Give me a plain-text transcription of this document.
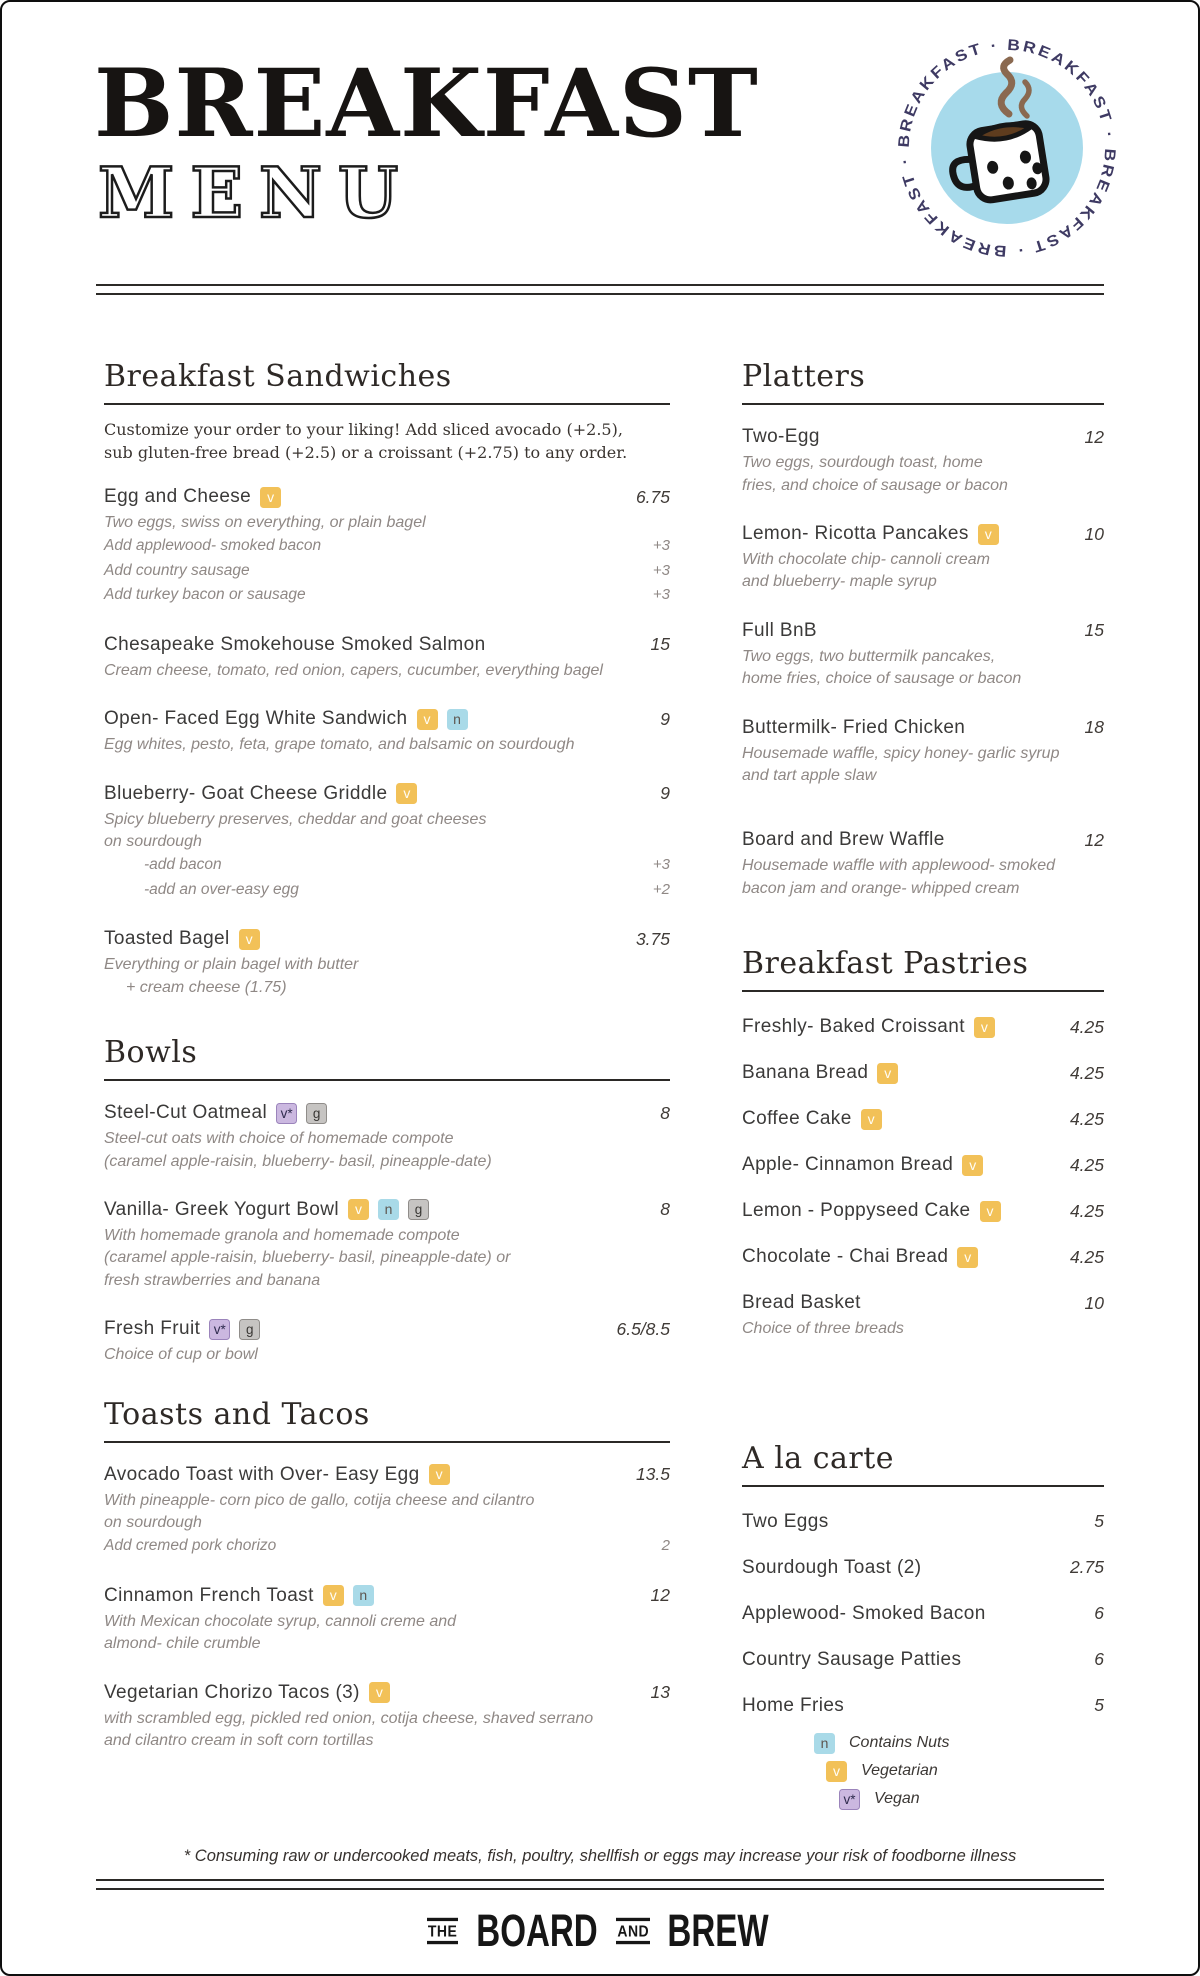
BREAKFAST
MENU
BREAKFAST · BREAKFAST · BREAKFAST · BREAKFAST ·
Breakfast Sandwiches

Customize your order to your liking! Add sliced avocado (+2.5),
sub gluten-free bread (+2.5) or a croissant (+2.75) to any order.

Egg and Cheese	v	6.75
Two eggs, swiss on everything, or plain bagel
Add applewood- smoked bacon	+3
Add country sausage	+3
Add turkey bacon or sausage	+3
Chesapeake Smokehouse Smoked Salmon	15
Cream cheese, tomato, red onion, capers, cucumber, everything bagel
Open- Faced Egg White Sandwich	v	n	9
Egg whites, pesto, feta, grape tomato, and balsamic on sourdough
Blueberry- Goat Cheese Griddle	v	9
Spicy blueberry preserves, cheddar and goat cheeses
on sourdough
-add bacon	+3
-add an over-easy egg	+2
Toasted Bagel	v	3.75
Everything or plain bagel with butter
+ cream cheese (1.75)
Bowls
Steel-Cut Oatmeal v*	g	8
Steel-cut oats with choice of homemade compote
(caramel apple-raisin, blueberry- basil, pineapple-date)
Vanilla- Greek Yogurt Bowl	v	n	g	8
With homemade granola and homemade compote
(caramel apple-raisin, blueberry- basil, pineapple-date) or
fresh strawberries and banana
Fresh Fruit v*	g	6.5/8.5
Choice of cup or bowl
Toasts and Tacos
Avocado Toast with Over- Easy Egg	v	13.5
With pineapple- corn pico de gallo, cotija cheese and cilantro
on sourdough
Add cremed pork chorizo	2
Cinnamon French Toast	v	n	12
With Mexican chocolate syrup, cannoli creme and
almond- chile crumble
Vegetarian Chorizo Tacos (3)	v	13
with scrambled egg, pickled red onion, cotija cheese, shaved serrano
and cilantro cream in soft corn tortillas
Platters
Two-Egg	12
Two eggs, sourdough toast, home
fries, and choice of sausage or bacon
Lemon- Ricotta Pancakes	v	10
With chocolate chip- cannoli cream
and blueberry- maple syrup
Full BnB	15
Two eggs, two buttermilk pancakes,
home fries, choice of sausage or bacon
Buttermilk- Fried Chicken	18
Housemade waffle, spicy honey- garlic syrup
and tart apple slaw
Board and Brew Waffle	12
Housemade waffle with applewood- smoked
bacon jam and orange- whipped cream
Breakfast Pastries
Freshly- Baked Croissant	v	4.25
Banana Bread	v	4.25
Coffee Cake	v	4.25
Apple- Cinnamon Bread	v	4.25
Lemon - Poppyseed Cake	v	4.25
Chocolate - Chai Bread	v	4.25
Bread Basket	10
Choice of three breads
A la carte
Two Eggs	5
Sourdough Toast (2)	2.75
Applewood- Smoked Bacon	6
Country Sausage Patties	6
Home Fries	5
n	Contains Nuts
v	Vegetarian
v* Vegan

* Consuming raw or undercooked meats, fish, poultry, shellfish or eggs may increase your risk of foodborne illness

THE BOARD AND BREW
